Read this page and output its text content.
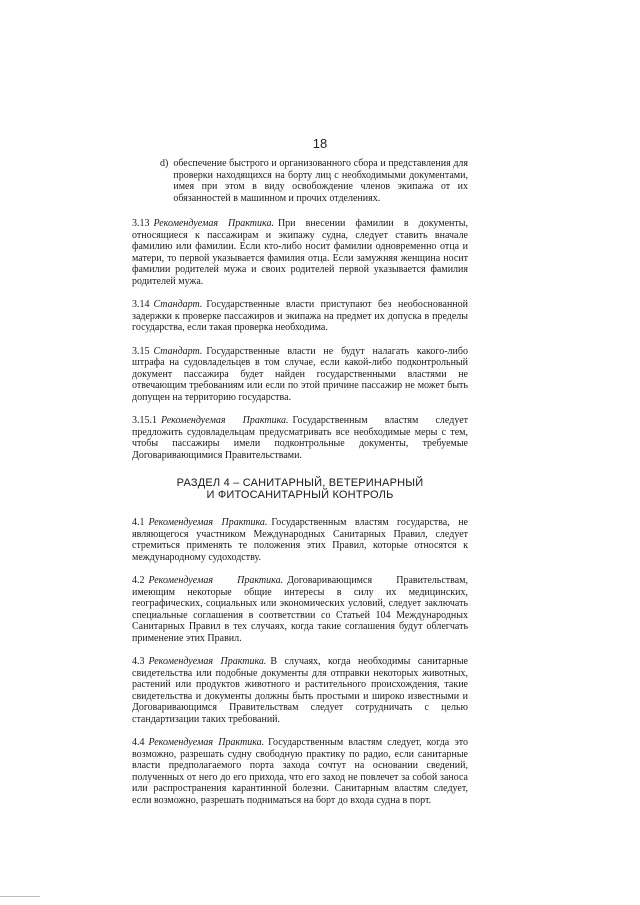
18
d) обеспечение быстрого и организованного сбора и представления для проверки находящихся на борту лиц с необходимыми документами, имея при этом в виду освобождение членов экипажа от их обязанностей в машинном и прочих отделениях.

3.13 Рекомендуемая Практика. При внесении фамилии в документы, относящиеся к пассажирам и экипажу судна, следует ставить вначале фамилию или фамилии. Если кто-либо носит фамилии одновременно отца и матери, то первой указывается фамилия отца. Если замужняя женщина носит фамилии родителей мужа и своих родителей первой указывается фамилия родителей мужа.

3.14 Стандарт. Государственные власти приступают без необоснованной задержки к проверке пассажиров и экипажа на предмет их допуска в пределы государства, если такая проверка необходима.

3.15 Стандарт. Государственные власти не будут налагать какого-либо штрафа на судовладельцев в том случае, если какой-либо подконтрольный документ пассажира будет найден государственными властями не отвечающим требованиям или если по этой причине пассажир не может быть допущен на территорию государства.

3.15.1 Рекомендуемая Практика. Государственным властям следует предложить судовладельцам предусматривать все необходимые меры с тем, чтобы пассажиры имели подконтрольные документы, требуемые Договаривающимися Правительствами.

РАЗДЕЛ 4 – САНИТАРНЫЙ, ВЕТЕРИНАРНЫЙ
И ФИТОСАНИТАРНЫЙ КОНТРОЛЬ

4.1 Рекомендуемая Практика. Государственным властям государства, не являющегося участником Международных Санитарных Правил, следует стремиться применять те положения этих Правил, которые относятся к международному судоходству.

4.2 Рекомендуемая Практика. Договаривающимся Правительствам, имеющим некоторые общие интересы в силу их медицинских, географических, социальных или экономических условий, следует заключать специальные соглашения в соответствии со Статьей 104 Международных Санитарных Правил в тех случаях, когда такие соглашения будут облегчать применение этих Правил.

4.3 Рекомендуемая Практика. В случаях, когда необходимы санитарные свидетельства или подобные документы для отправки некоторых животных, растений или продуктов животного и растительного происхождения, такие свидетельства и документы должны быть простыми и широко известными и Договаривающимся Правительствам следует сотрудничать с целью стандартизации таких требований.

4.4 Рекомендуемая Практика. Государственным властям следует, когда это возможно, разрешать судну свободную практику по радио, если санитарные власти предполагаемого порта захода сочтут на основании сведений, полученных от него до его прихода, что его заход не повлечет за собой заноса или распространения карантинной болезни. Санитарным властям следует, если возможно, разрешать подниматься на борт до входа судна в порт.
